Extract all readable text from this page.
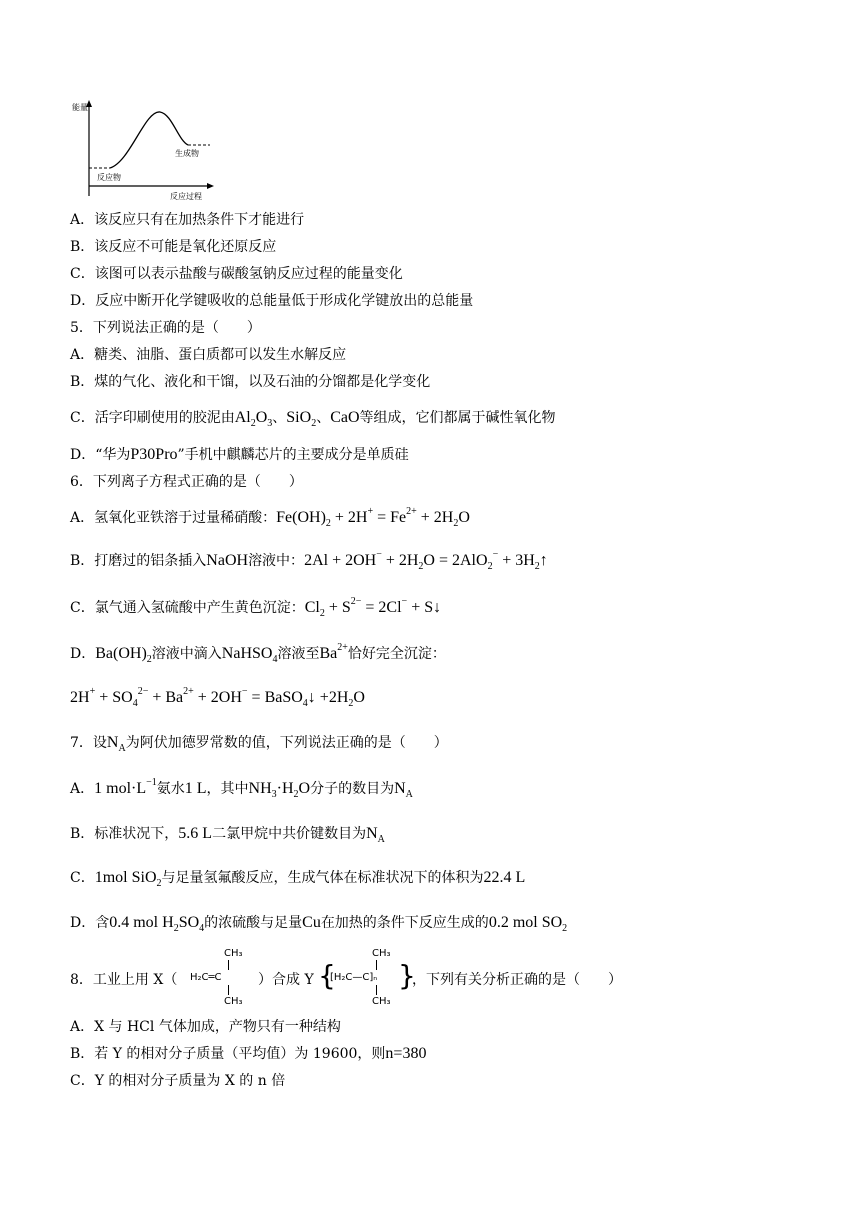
能量
反应物
生成物
反应过程
A．该反应只有在加热条件下才能进行
B．该反应不可能是氧化还原反应
C．该图可以表示盐酸与碳酸氢钠反应过程的能量变化
D．反应中断开化学键吸收的总能量低于形成化学键放出的总能量
5．下列说法正确的是（　　）
A．糖类、油脂、蛋白质都可以发生水解反应
B．煤的气化、液化和干馏，以及石油的分馏都是化学变化
C．活字印刷使用的胶泥由$Al_2O_3$、SiO$_2$、CaO等组成，它们都属于碱性氧化物
D．“华为P30Pro”手机中麒麟芯片的主要成分是单质硅
6．下列离子方程式正确的是（　　）
A．氢氧化亚铁溶于过量稀硝酸：$Fe(OH)_2 + 2H^+ = Fe^{2+} + 2H_2O$
B．打磨过的铝条插入NaOH溶液中：$2Al + 2OH^- + 2H_2O = 2AlO_2^-$ + $3H_2↑$
C．氯气通入氢硫酸中产生黄色沉淀：$Cl_2 + S^{2-} = 2Cl^-$ + S↓
D．$Ba(OH)_2$溶液中滴入NaHSO$_4$溶液至$Ba^{2+}$恰好完全沉淀：
$2H^+ + SO_4^{2-} + Ba^{2+} + 2OH^-$ = BaSO$_4$↓ $+2H_2O$
7．设$N_A$为阿伏加德罗常数的值，下列说法正确的是（　　）
A．1 $mol\cdot L^{-1}$氨水1 L，其中$NH_3\cdot H_2O$分子的数目为$N_A$
B．标准状况下，5.6 L二氯甲烷中共价键数目为$N_A$
C．1mol SiO$_2$与足量氢氟酸反应，生成气体在标准状况下的体积为22.4 L
D．含0.4 mol $H_2SO_4$的浓硫酸与足量Cu在加热的条件下反应生成的0.2 mol $SO_2$
8．工业上用 X（
CH₃
H₂C═C
CH₃
）合成 Y {
CH₃
[H₂C—C]ₙ
CH₃
}
，下列有关分析正确的是（　　）
A．X 与 HCl 气体加成，产物只有一种结构
B．若 Y 的相对分子质量（平均值）为 19600，则n=380
C．Y 的相对分子质量为 X 的 n 倍
